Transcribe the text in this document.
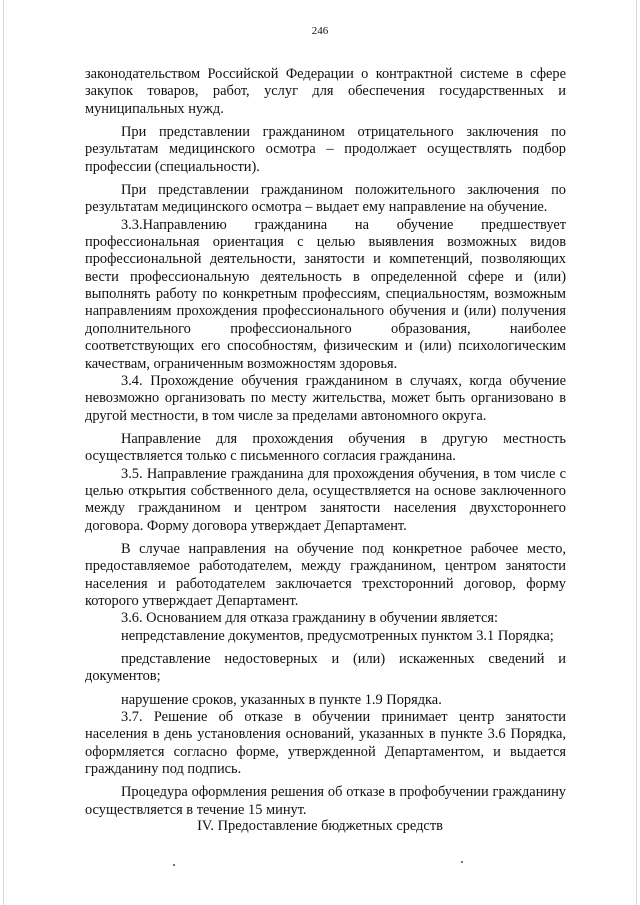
246

законодательством Российской Федерации о контрактной системе в сфере закупок товаров, работ, услуг для обеспечения государственных и муниципальных нужд.

При представлении гражданином отрицательного заключения по результатам медицинского осмотра – продолжает осуществлять подбор профессии (специальности).

При представлении гражданином положительного заключения по результатам медицинского осмотра – выдает ему направление на обучение.

3.3.Направлению гражданина на обучение предшествует профессиональная ориентация с целью выявления возможных видов профессиональной деятельности, занятости и компетенций, позволяющих вести профессиональную деятельность в определенной сфере и (или) выполнять работу по конкретным профессиям, специальностям, возможным направлениям прохождения профессионального обучения и (или) получения дополнительного профессионального образования, наиболее соответствующих его способностям, физическим и (или) психологическим качествам, ограниченным возможностям здоровья.

3.4. Прохождение обучения гражданином в случаях, когда обучение невозможно организовать по месту жительства, может быть организовано в другой местности, в том числе за пределами автономного округа.

Направление для прохождения обучения в другую местность осуществляется только с письменного согласия гражданина.

3.5. Направление гражданина для прохождения обучения, в том числе с целью открытия собственного дела, осуществляется на основе заключенного между гражданином и центром занятости населения двухстороннего договора. Форму договора утверждает Департамент.

В случае направления на обучение под конкретное рабочее место, предоставляемое работодателем, между гражданином, центром занятости населения и работодателем заключается трехсторонний договор, форму которого утверждает Департамент.

3.6. Основанием для отказа гражданину в обучении является:

непредставление документов, предусмотренных пунктом 3.1 Порядка;

представление недостоверных и (или) искаженных сведений и документов;

нарушение сроков, указанных в пункте 1.9 Порядка.

3.7. Решение об отказе в обучении принимает центр занятости населения в день установления оснований, указанных в пункте 3.6 Порядка, оформляется согласно форме, утвержденной Департаментом, и выдается гражданину под подпись.

Процедура оформления решения об отказе в профобучении гражданину осуществляется в течение 15 минут.

IV. Предоставление бюджетных средств
